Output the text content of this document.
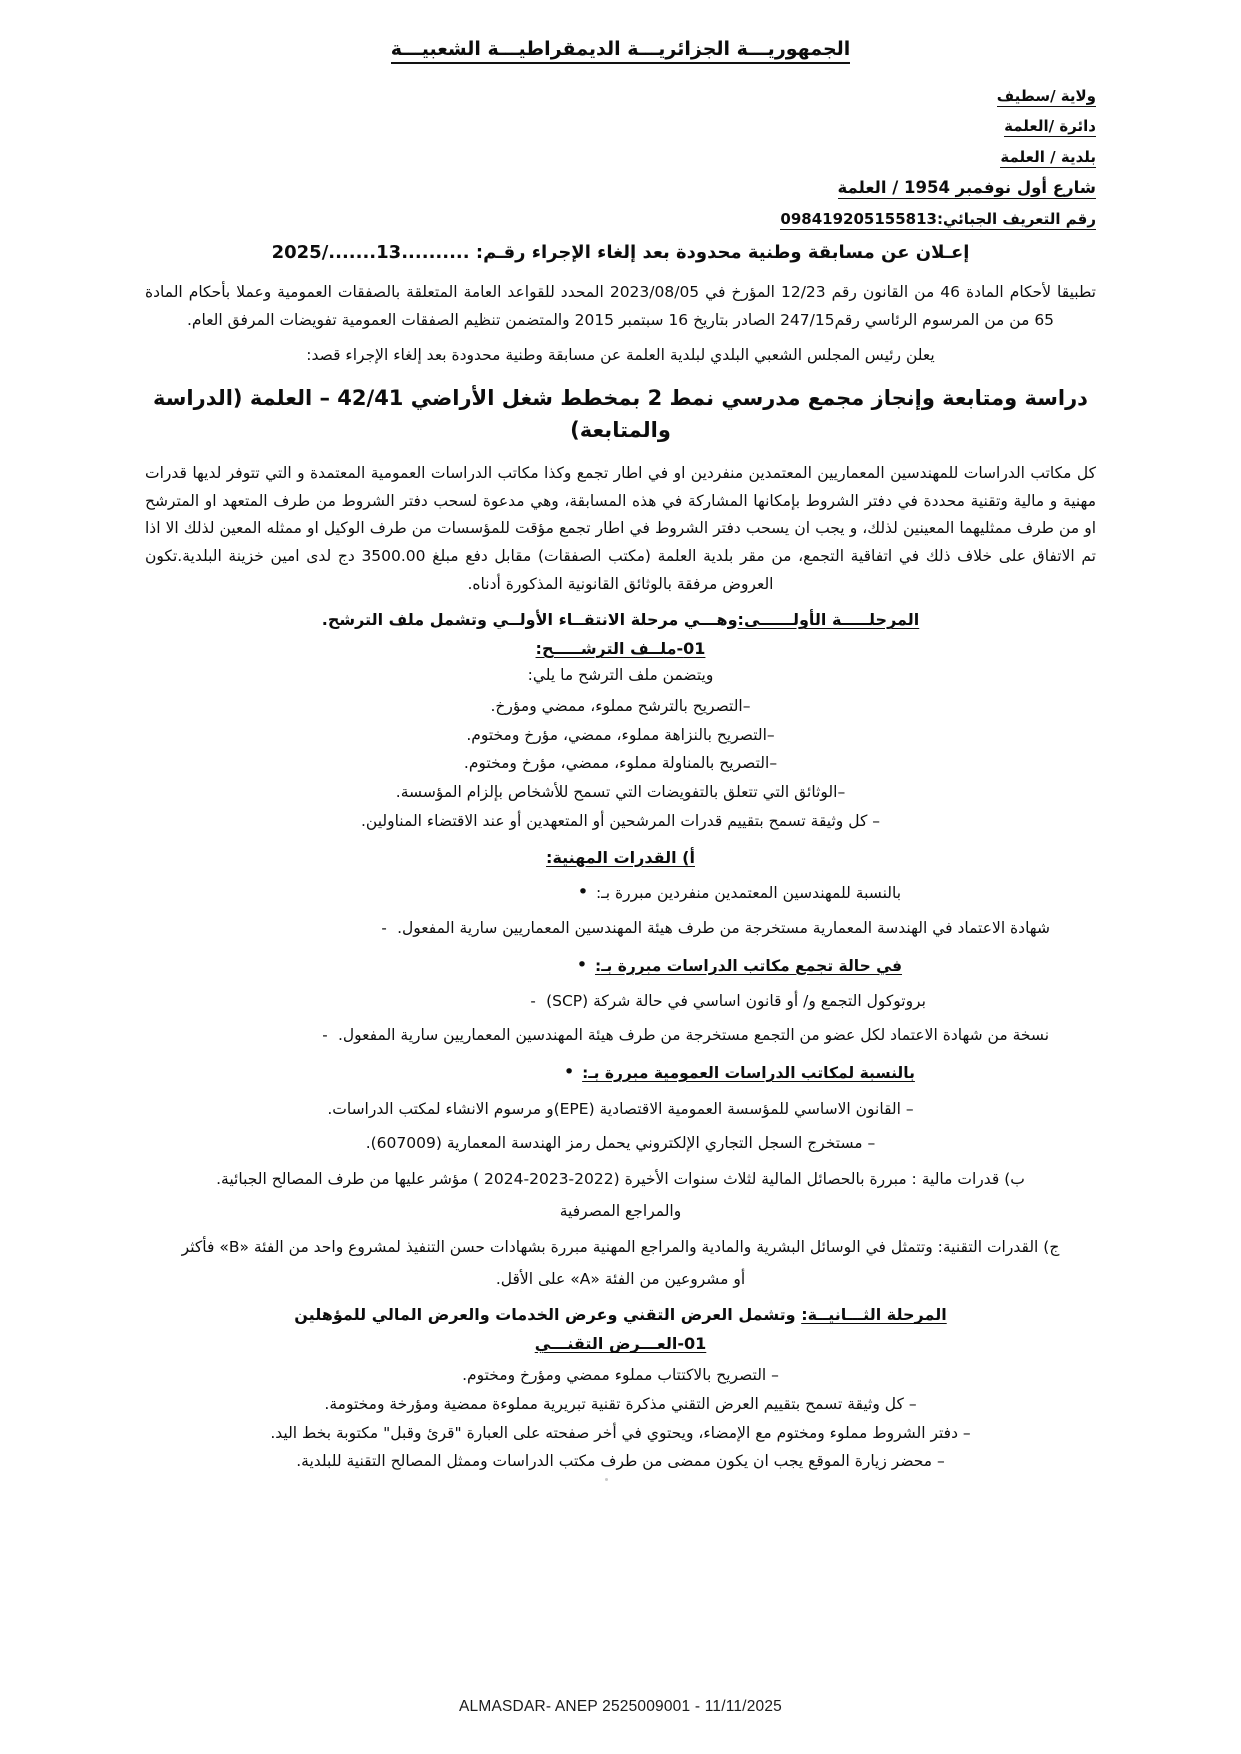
الجمهوريـــة الجزائريـــة الديمقراطيـــة الشعبيـــة
ولاية /سطيف
دائرة /العلمة
بلدية / العلمة
شارع أول نوفمبر 1954 / العلمة
رقم التعريف الجبائي:098419205155813
إعـلان عن مسابقة وطنية محدودة بعد إلغاء الإجراء رقـم: ..........13......./2025
تطبيقا لأحكام المادة 46 من القانون رقم 12/23 المؤرخ في 2023/08/05 المحدد للقواعد العامة المتعلقة بالصفقات العمومية وعملا بأحكام المادة 65 من من المرسوم الرئاسي رقم247/15 الصادر بتاريخ 16 سبتمبر 2015 والمتضمن تنظيم الصفقات العمومية تفويضات المرفق العام.
يعلن رئيس المجلس الشعبي البلدي لبلدية العلمة عن مسابقة وطنية محدودة بعد إلغاء الإجراء قصد:
دراسة ومتابعة وإنجاز مجمع مدرسي نمط 2 بمخطط شغل الأراضي 42/41 – العلمة (الدراسة والمتابعة)
كل مكاتب الدراسات للمهندسين المعماريين المعتمدين منفردين او في اطار تجمع وكذا مكاتب الدراسات العمومية المعتمدة و التي تتوفر لديها قدرات مهنية و مالية وتقنية محددة في دفتر الشروط بإمكانها المشاركة في هذه المسابقة، وهي مدعوة لسحب دفتر الشروط من طرف المتعهد او المترشح او من طرف ممثليهما المعينين لذلك، و يجب ان يسحب دفتر الشروط في اطار تجمع مؤقت للمؤسسات من طرف الوكيل او ممثله المعين لذلك الا اذا تم الاتفاق على خلاف ذلك في اتفاقية التجمع، من مقر بلدية العلمة (مكتب الصفقات) مقابل دفع مبلغ 3500.00 دج لدى امين خزينة البلدية.تكون العروض مرفقة بالوثائق القانونية المذكورة أدناه.
المرحلـــــة الأولــــــى:وهـــي مرحلة الانتقــاء الأولــي وتشمل ملف الترشح.
01-ملــف الترشـــــح:
ويتضمن ملف الترشح ما يلي:
–التصريح بالترشح مملوء، ممضي ومؤرخ.
–التصريح بالنزاهة مملوء، ممضي، مؤرخ ومختوم.
–التصريح بالمناولة مملوء، ممضي، مؤرخ ومختوم.
–الوثائق التي تتعلق بالتفويضات التي تسمح للأشخاص بإلزام المؤسسة.
– كل وثيقة تسمح بتقييم قدرات المرشحين أو المتعهدين أو عند الاقتضاء المناولين.
أ) القدرات المهنية:
• بالنسبة للمهندسين المعتمدين منفردين مبررة بـ:
- شهادة الاعتماد في الهندسة المعمارية مستخرجة من طرف هيئة المهندسين المعماريين سارية المفعول.
• في حالة تجمع مكاتب الدراسات مبررة بـ:
- بروتوكول التجمع و/ أو قانون اساسي في حالة شركة (SCP)
- نسخة من شهادة الاعتماد لكل عضو من التجمع مستخرجة من طرف هيئة المهندسين المعماريين سارية المفعول.
• بالنسبة لمكاتب الدراسات العمومية مبررة بـ:
– القانون الاساسي للمؤسسة العمومية الاقتصادية (EPE)و مرسوم الانشاء لمكتب الدراسات.
– مستخرج السجل التجاري الإلكتروني يحمل رمز الهندسة المعمارية (607009).
ب) قدرات مالية : مبررة بالحصائل المالية لثلاث سنوات الأخيرة (2022-2023-2024 ) مؤشر عليها من طرف المصالح الجبائية.
والمراجع المصرفية
ج) القدرات التقنية: وتتمثل في الوسائل البشرية والمادية والمراجع المهنية مبررة بشهادات حسن التنفيذ لمشروع واحد من الفئة «B» فأكثر
أو مشروعين من الفئة «A» على الأقل.
المرحلة الثـــانيــة: وتشمل العرض التقني وعرض الخدمات والعرض المالي للمؤهلين
01-العـــرض التقنـــي
– التصريح بالاكتتاب مملوء ممضي ومؤرخ ومختوم.
– كل وثيقة تسمح بتقييم العرض التقني مذكرة تقنية تبريرية مملوءة ممضية ومؤرخة ومختومة.
– دفتر الشروط مملوء ومختوم مع الإمضاء، ويحتوي في أخر صفحته على العبارة "قرئ وقبل" مكتوبة بخط اليد.
– محضر زيارة الموقع يجب ان يكون ممضى من طرف مكتب الدراسات وممثل المصالح التقنية للبلدية.
ALMASDAR- ANEP 2525009001 - 11/11/2025
